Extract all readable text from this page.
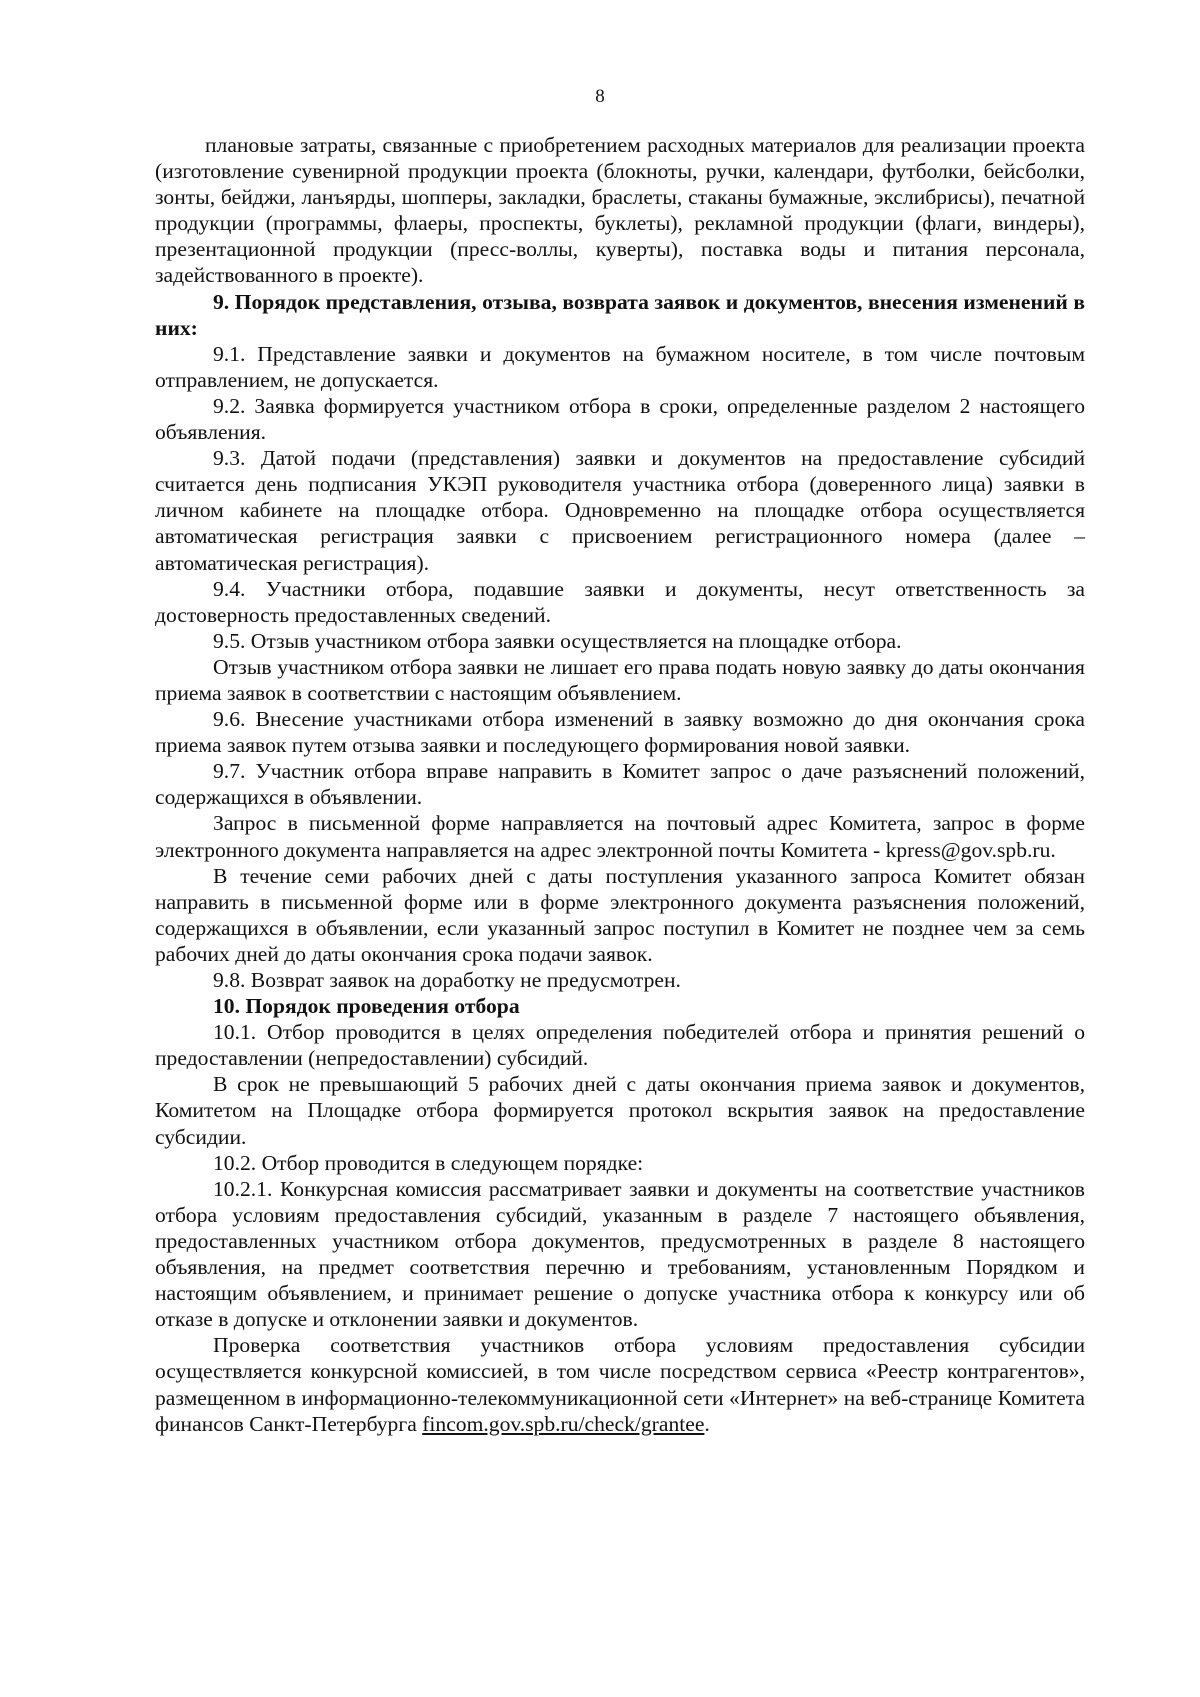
8

плановые затраты, связанные с приобретением расходных материалов для реализации проекта (изготовление сувенирной продукции проекта (блокноты, ручки, календари, футболки, бейсболки, зонты, бейджи, ланъярды, шопперы, закладки, браслеты, стаканы бумажные, экслибрисы), печатной продукции (программы, флаеры, проспекты, буклеты), рекламной продукции (флаги, виндеры), презентационной продукции (пресс-воллы, куверты), поставка воды и питания персонала, задействованного в проекте).

9. Порядок представления, отзыва, возврата заявок и документов, внесения изменений в них:

9.1. Представление заявки и документов на бумажном носителе, в том числе почтовым отправлением, не допускается.

9.2. Заявка формируется участником отбора в сроки, определенные разделом 2 настоящего объявления.

9.3. Датой подачи (представления) заявки и документов на предоставление субсидий считается день подписания УКЭП руководителя участника отбора (доверенного лица) заявки в личном кабинете на площадке отбора. Одновременно на площадке отбора осуществляется автоматическая регистрация заявки с присвоением регистрационного номера (далее – автоматическая регистрация).

9.4. Участники отбора, подавшие заявки и документы, несут ответственность за достоверность предоставленных сведений.

9.5. Отзыв участником отбора заявки осуществляется на площадке отбора.

Отзыв участником отбора заявки не лишает его права подать новую заявку до даты окончания приема заявок в соответствии с настоящим объявлением.

9.6. Внесение участниками отбора изменений в заявку возможно до дня окончания срока приема заявок путем отзыва заявки и последующего формирования новой заявки.

9.7. Участник отбора вправе направить в Комитет запрос о даче разъяснений положений, содержащихся в объявлении.

Запрос в письменной форме направляется на почтовый адрес Комитета, запрос в форме электронного документа направляется на адрес электронной почты Комитета - kpress@gov.spb.ru.

В течение семи рабочих дней с даты поступления указанного запроса Комитет обязан направить в письменной форме или в форме электронного документа разъяснения положений, содержащихся в объявлении, если указанный запрос поступил в Комитет не позднее чем за семь рабочих дней до даты окончания срока подачи заявок.

9.8. Возврат заявок на доработку не предусмотрен.

10. Порядок проведения отбора

10.1. Отбор проводится в целях определения победителей отбора и принятия решений о предоставлении (непредоставлении) субсидий.

В срок не превышающий 5 рабочих дней с даты окончания приема заявок и документов, Комитетом на Площадке отбора формируется протокол вскрытия заявок на предоставление субсидии.

10.2. Отбор проводится в следующем порядке:

10.2.1. Конкурсная комиссия рассматривает заявки и документы на соответствие участников отбора условиям предоставления субсидий, указанным в разделе 7 настоящего объявления, предоставленных участником отбора документов, предусмотренных в разделе 8 настоящего объявления, на предмет соответствия перечню и требованиям, установленным Порядком и настоящим объявлением, и принимает решение о допуске участника отбора к конкурсу или об отказе в допуске и отклонении заявки и документов.

Проверка соответствия участников отбора условиям предоставления субсидии осуществляется конкурсной комиссией, в том числе посредством сервиса «Реестр контрагентов», размещенном в информационно-телекоммуникационной сети «Интернет» на веб-странице Комитета финансов Санкт-Петербурга fincom.gov.spb.ru/check/grantee.
